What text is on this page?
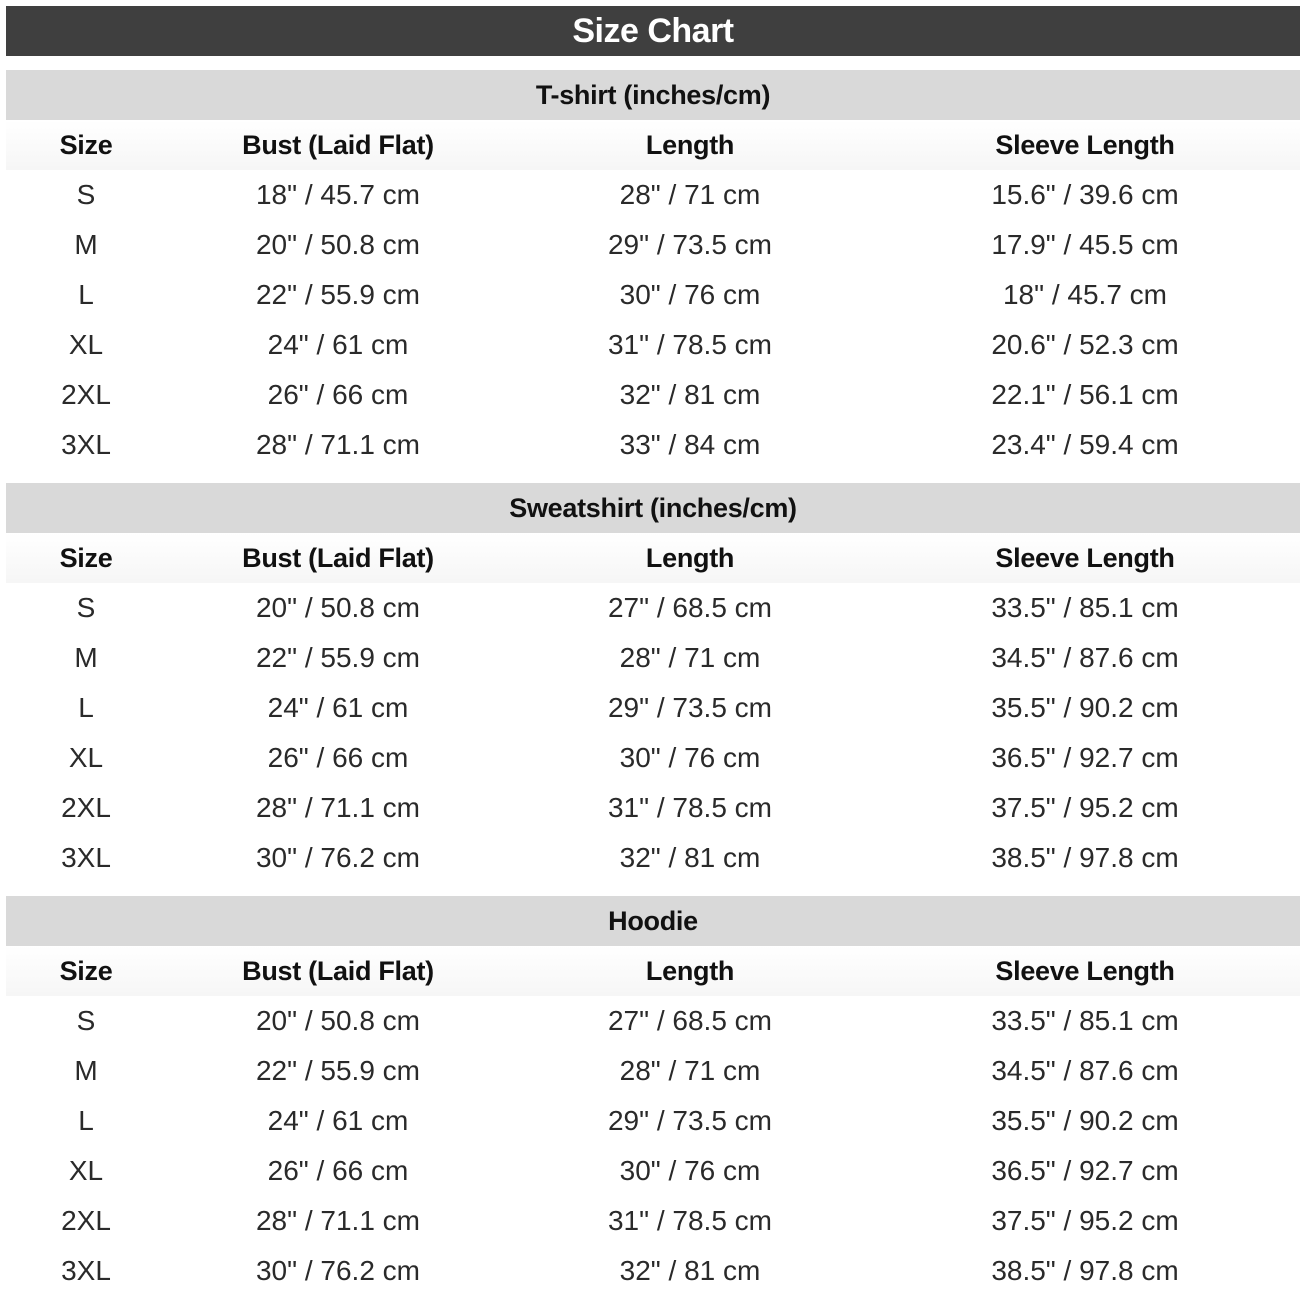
Size Chart
T-shirt (inches/cm)
Size	Bust (Laid Flat)	Length	Sleeve Length
S	18" / 45.7 cm	28" / 71 cm	15.6" / 39.6 cm
M	20" / 50.8 cm	29" / 73.5 cm	17.9" / 45.5 cm
L	22" / 55.9 cm	30" / 76 cm	18" / 45.7 cm
XL	24" / 61 cm	31" / 78.5 cm	20.6" / 52.3 cm
2XL	26" / 66 cm	32" / 81 cm	22.1" / 56.1 cm
3XL	28" / 71.1 cm	33" / 84 cm	23.4" / 59.4 cm
Sweatshirt (inches/cm)
Size	Bust (Laid Flat)	Length	Sleeve Length
S	20" / 50.8 cm	27" / 68.5 cm	33.5" / 85.1 cm
M	22" / 55.9 cm	28" / 71 cm	34.5" / 87.6 cm
L	24" / 61 cm	29" / 73.5 cm	35.5" / 90.2 cm
XL	26" / 66 cm	30" / 76 cm	36.5" / 92.7 cm
2XL	28" / 71.1 cm	31" / 78.5 cm	37.5" / 95.2 cm
3XL	30" / 76.2 cm	32" / 81 cm	38.5" / 97.8 cm
Hoodie
Size	Bust (Laid Flat)	Length	Sleeve Length
S	20" / 50.8 cm	27" / 68.5 cm	33.5" / 85.1 cm
M	22" / 55.9 cm	28" / 71 cm	34.5" / 87.6 cm
L	24" / 61 cm	29" / 73.5 cm	35.5" / 90.2 cm
XL	26" / 66 cm	30" / 76 cm	36.5" / 92.7 cm
2XL	28" / 71.1 cm	31" / 78.5 cm	37.5" / 95.2 cm
3XL	30" / 76.2 cm	32" / 81 cm	38.5" / 97.8 cm
